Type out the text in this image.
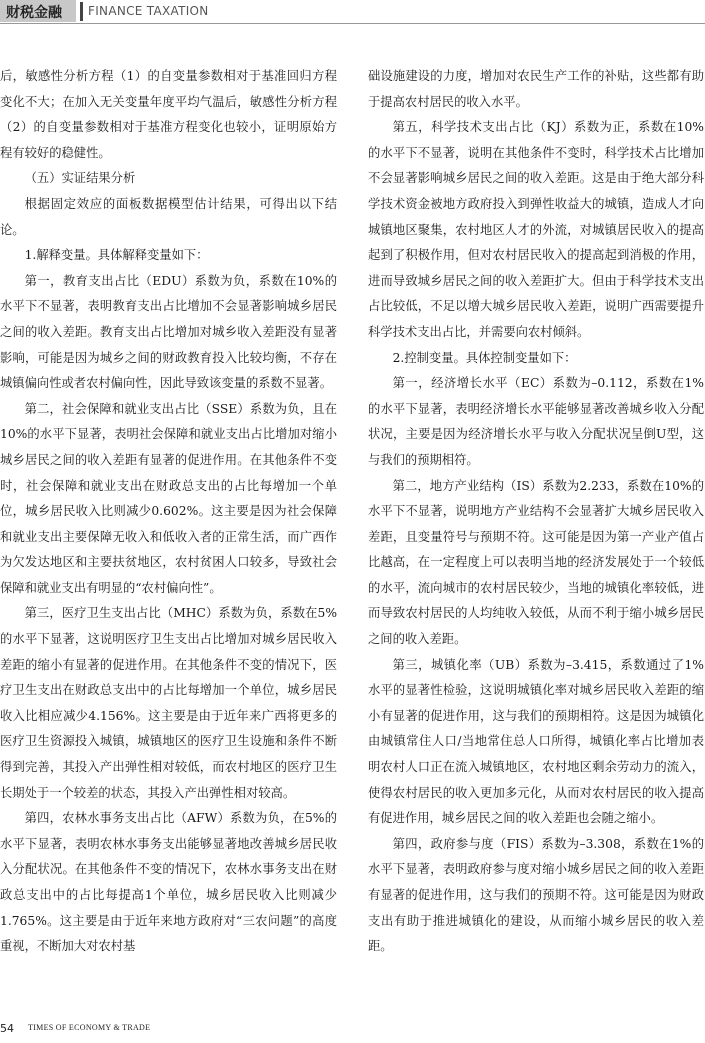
财税金融 FINANCE TAXATION

后，敏感性分析方程（1）的自变量参数相对于基准回归方程变化不大；在加入无关变量年度平均气温后，敏感性分析方程（2）的自变量参数相对于基准方程变化也较小，证明原始方程有较好的稳健性。

（五）实证结果分析

根据固定效应的面板数据模型估计结果，可得出以下结论。

1.解释变量。具体解释变量如下：

第一，教育支出占比（EDU）系数为负，系数在10%的水平下不显著，表明教育支出占比增加不会显著影响城乡居民之间的收入差距。教育支出占比增加对城乡收入差距没有显著影响，可能是因为城乡之间的财政教育投入比较均衡，不存在城镇偏向性或者农村偏向性，因此导致该变量的系数不显著。

第二，社会保障和就业支出占比（SSE）系数为负，且在10%的水平下显著，表明社会保障和就业支出占比增加对缩小城乡居民之间的收入差距有显著的促进作用。在其他条件不变时，社会保障和就业支出在财政总支出的占比每增加一个单位，城乡居民收入比则减少0.602%。这主要是因为社会保障和就业支出主要保障无收入和低收入者的正常生活，而广西作为欠发达地区和主要扶贫地区，农村贫困人口较多，导致社会保障和就业支出有明显的“农村偏向性”。

第三，医疗卫生支出占比（MHC）系数为负，系数在5%的水平下显著，这说明医疗卫生支出占比增加对城乡居民收入差距的缩小有显著的促进作用。在其他条件不变的情况下，医疗卫生支出在财政总支出中的占比每增加一个单位，城乡居民收入比相应减少4.156%。这主要是由于近年来广西将更多的医疗卫生资源投入城镇，城镇地区的医疗卫生设施和条件不断得到完善，其投入产出弹性相对较低，而农村地区的医疗卫生长期处于一个较差的状态，其投入产出弹性相对较高。

第四，农林水事务支出占比（AFW）系数为负，在5%的水平下显著，表明农林水事务支出能够显著地改善城乡居民收入分配状况。在其他条件不变的情况下，农林水事务支出在财政总支出中的占比每提高1个单位，城乡居民收入比则减少1.765%。这主要是由于近年来地方政府对“三农问题”的高度重视，不断加大对农村基

础设施建设的力度，增加对农民生产工作的补贴，这些都有助于提高农村居民的收入水平。

第五，科学技术支出占比（KJ）系数为正，系数在10%的水平下不显著，说明在其他条件不变时，科学技术占比增加不会显著影响城乡居民之间的收入差距。这是由于绝大部分科学技术资金被地方政府投入到弹性收益大的城镇，造成人才向城镇地区聚集，农村地区人才的外流，对城镇居民收入的提高起到了积极作用，但对农村居民收入的提高起到消极的作用，进而导致城乡居民之间的收入差距扩大。但由于科学技术支出占比较低，不足以增大城乡居民收入差距，说明广西需要提升科学技术支出占比，并需要向农村倾斜。

2.控制变量。具体控制变量如下：

第一，经济增长水平（EC）系数为–0.112，系数在1%的水平下显著，表明经济增长水平能够显著改善城乡收入分配状况，主要是因为经济增长水平与收入分配状况呈倒U型，这与我们的预期相符。

第二，地方产业结构（IS）系数为2.233，系数在10%的水平下不显著，说明地方产业结构不会显著扩大城乡居民收入差距，且变量符号与预期不符。这可能是因为第一产业产值占比越高，在一定程度上可以表明当地的经济发展处于一个较低的水平，流向城市的农村居民较少，当地的城镇化率较低，进而导致农村居民的人均纯收入较低，从而不利于缩小城乡居民之间的收入差距。

第三，城镇化率（UB）系数为–3.415，系数通过了1%水平的显著性检验，这说明城镇化率对城乡居民收入差距的缩小有显著的促进作用，这与我们的预期相符。这是因为城镇化由城镇常住人口/当地常住总人口所得，城镇化率占比增加表明农村人口正在流入城镇地区，农村地区剩余劳动力的流入，使得农村居民的收入更加多元化，从而对农村居民的收入提高有促进作用，城乡居民之间的收入差距也会随之缩小。

第四，政府参与度（FIS）系数为–3.308，系数在1%的水平下显著，表明政府参与度对缩小城乡居民之间的收入差距有显著的促进作用，这与我们的预期不符。这可能是因为财政支出有助于推进城镇化的建设，从而缩小城乡居民的收入差距。

54 TIMES OF ECONOMY & TRADE
